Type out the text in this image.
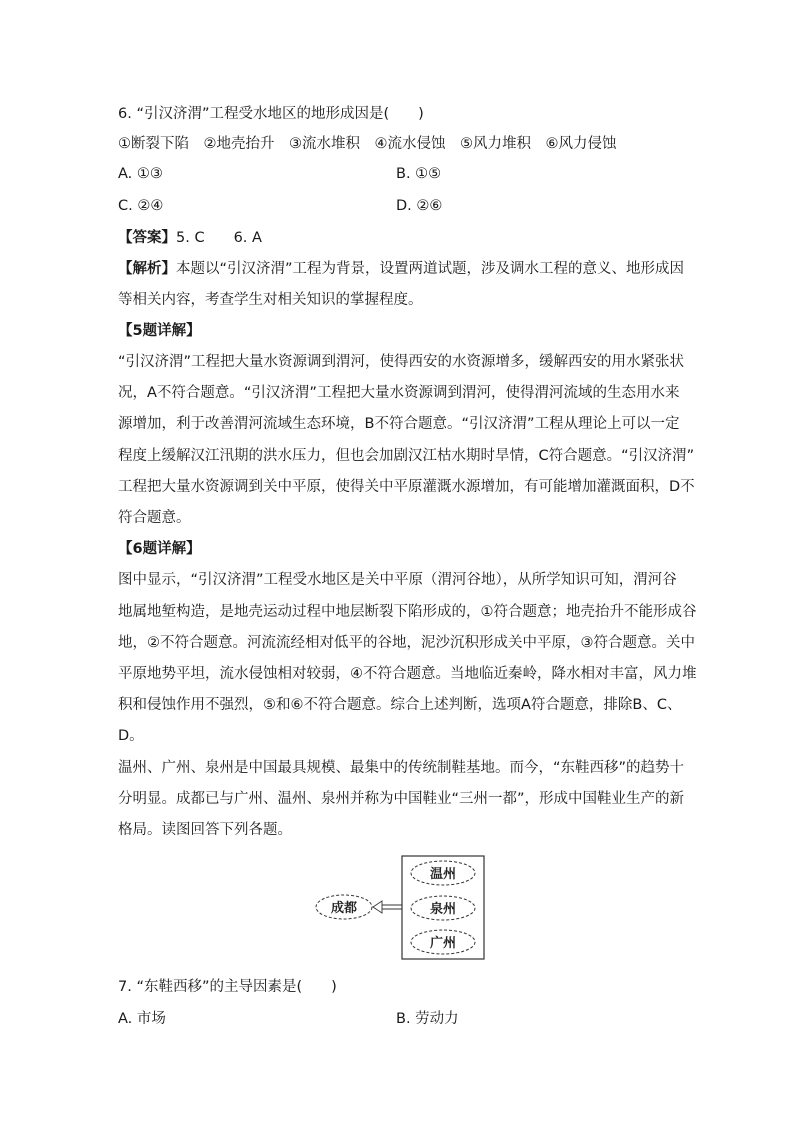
6. “引汉济渭”工程受水地区的地形成因是(　　)
①断裂下陷　②地壳抬升　③流水堆积　④流水侵蚀　⑤风力堆积　⑥风力侵蚀
A. ①③	B. ①⑤
C. ②④	D. ②⑥
【答案】5. C　　6. A
【解析】本题以“引汉济渭”工程为背景，设置两道试题，涉及调水工程的意义、地形成因
等相关内容，考查学生对相关知识的掌握程度。
【5题详解】
“引汉济渭”工程把大量水资源调到渭河，使得西安的水资源增多，缓解西安的用水紧张状
况，A不符合题意。“引汉济渭”工程把大量水资源调到渭河，使得渭河流域的生态用水来
源增加，利于改善渭河流域生态环境，B不符合题意。“引汉济渭”工程从理论上可以一定
程度上缓解汉江汛期的洪水压力，但也会加剧汉江枯水期时旱情，C符合题意。“引汉济渭”
工程把大量水资源调到关中平原，使得关中平原灌溉水源增加，有可能增加灌溉面积，D不
符合题意。
【6题详解】
图中显示，“引汉济渭”工程受水地区是关中平原（渭河谷地），从所学知识可知，渭河谷
地属地堑构造，是地壳运动过程中地层断裂下陷形成的，①符合题意；地壳抬升不能形成谷
地，②不符合题意。河流流经相对低平的谷地，泥沙沉积形成关中平原，③符合题意。关中
平原地势平坦，流水侵蚀相对较弱，④不符合题意。当地临近秦岭，降水相对丰富，风力堆
积和侵蚀作用不强烈，⑤和⑥不符合题意。综合上述判断，选项A符合题意，排除B、C、
D。
温州、广州、泉州是中国最具规模、最集中的传统制鞋基地。而今，“东鞋西移”的趋势十
分明显。成都已与广州、温州、泉州并称为中国鞋业“三州一都”，形成中国鞋业生产的新
格局。读图回答下列各题。
温州
泉州
广州
成都
7. “东鞋西移”的主导因素是(　　)
A. 市场	B. 劳动力
